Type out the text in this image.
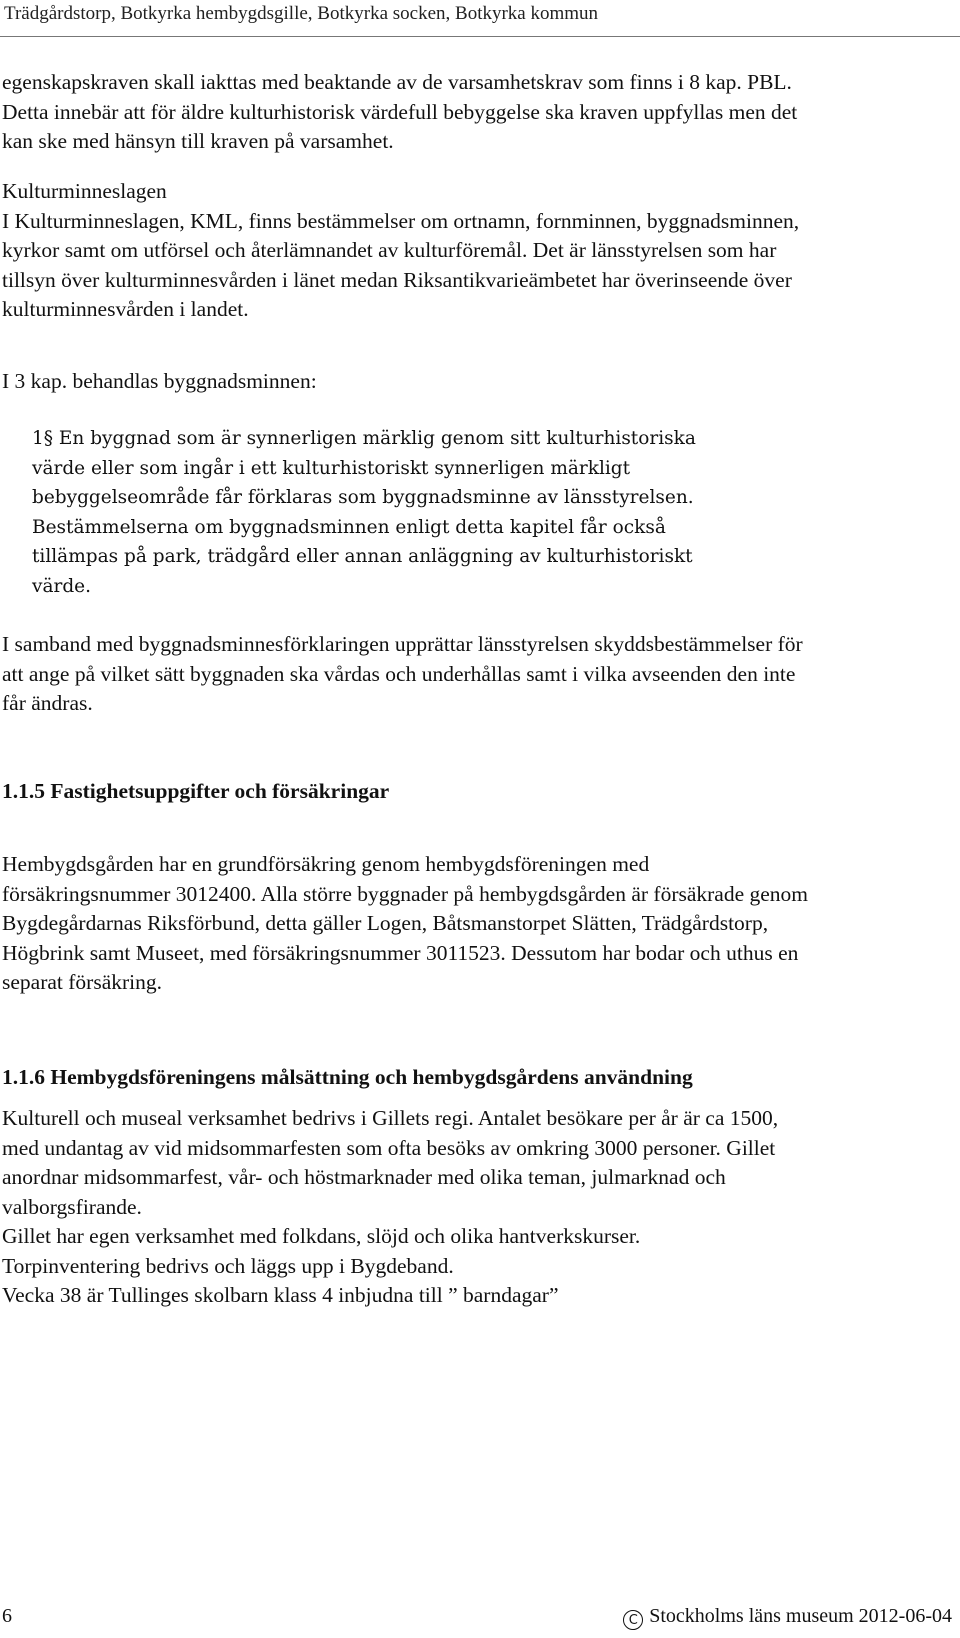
Trädgårdstorp, Botkyrka hembygdsgille, Botkyrka socken, Botkyrka kommun

egenskapskraven skall iakttas med beaktande av de varsamhetskrav som finns i 8 kap. PBL.
Detta innebär att för äldre kulturhistorisk värdefull bebyggelse ska kraven uppfyllas men det
kan ske med hänsyn till kraven på varsamhet.

Kulturminneslagen
I Kulturminneslagen, KML, finns bestämmelser om ortnamn, fornminnen, byggnadsminnen,
kyrkor samt om utförsel och återlämnandet av kulturföremål. Det är länsstyrelsen som har
tillsyn över kulturminnesvården i länet medan Riksantikvarieämbetet har överinseende över
kulturminnesvården i landet.

I 3 kap. behandlas byggnadsminnen:

1§ En byggnad som är synnerligen märklig genom sitt kulturhistoriska
värde eller som ingår i ett kulturhistoriskt synnerligen märkligt
bebyggelseområde får förklaras som byggnadsminne av länsstyrelsen.
Bestämmelserna om byggnadsminnen enligt detta kapitel får också
tillämpas på park, trädgård eller annan anläggning av kulturhistoriskt
värde.

I samband med byggnadsminnesförklaringen upprättar länsstyrelsen skyddsbestämmelser för
att ange på vilket sätt byggnaden ska vårdas och underhållas samt i vilka avseenden den inte
får ändras.

1.1.5 Fastighetsuppgifter och försäkringar

Hembygdsgården har en grundförsäkring genom hembygdsföreningen med
försäkringsnummer 3012400. Alla större byggnader på hembygdsgården är försäkrade genom
Bygdegårdarnas Riksförbund, detta gäller Logen, Båtsmanstorpet Slätten, Trädgårdstorp,
Högbrink samt Museet, med försäkringsnummer 3011523. Dessutom har bodar och uthus en
separat försäkring.

1.1.6 Hembygdsföreningens målsättning och hembygdsgårdens användning

Kulturell och museal verksamhet bedrivs i Gillets regi. Antalet besökare per år är ca 1500,
med undantag av vid midsommarfesten som ofta besöks av omkring 3000 personer. Gillet
anordnar midsommarfest, vår- och höstmarknader med olika teman, julmarknad och
valborgsfirande.
Gillet har egen verksamhet med folkdans, slöjd och olika hantverkskurser.
Torpinventering bedrivs och läggs upp i Bygdeband.
Vecka 38 är Tullinges skolbarn klass 4 inbjudna till ” barndagar”

6	C Stockholms läns museum 2012-06-04
